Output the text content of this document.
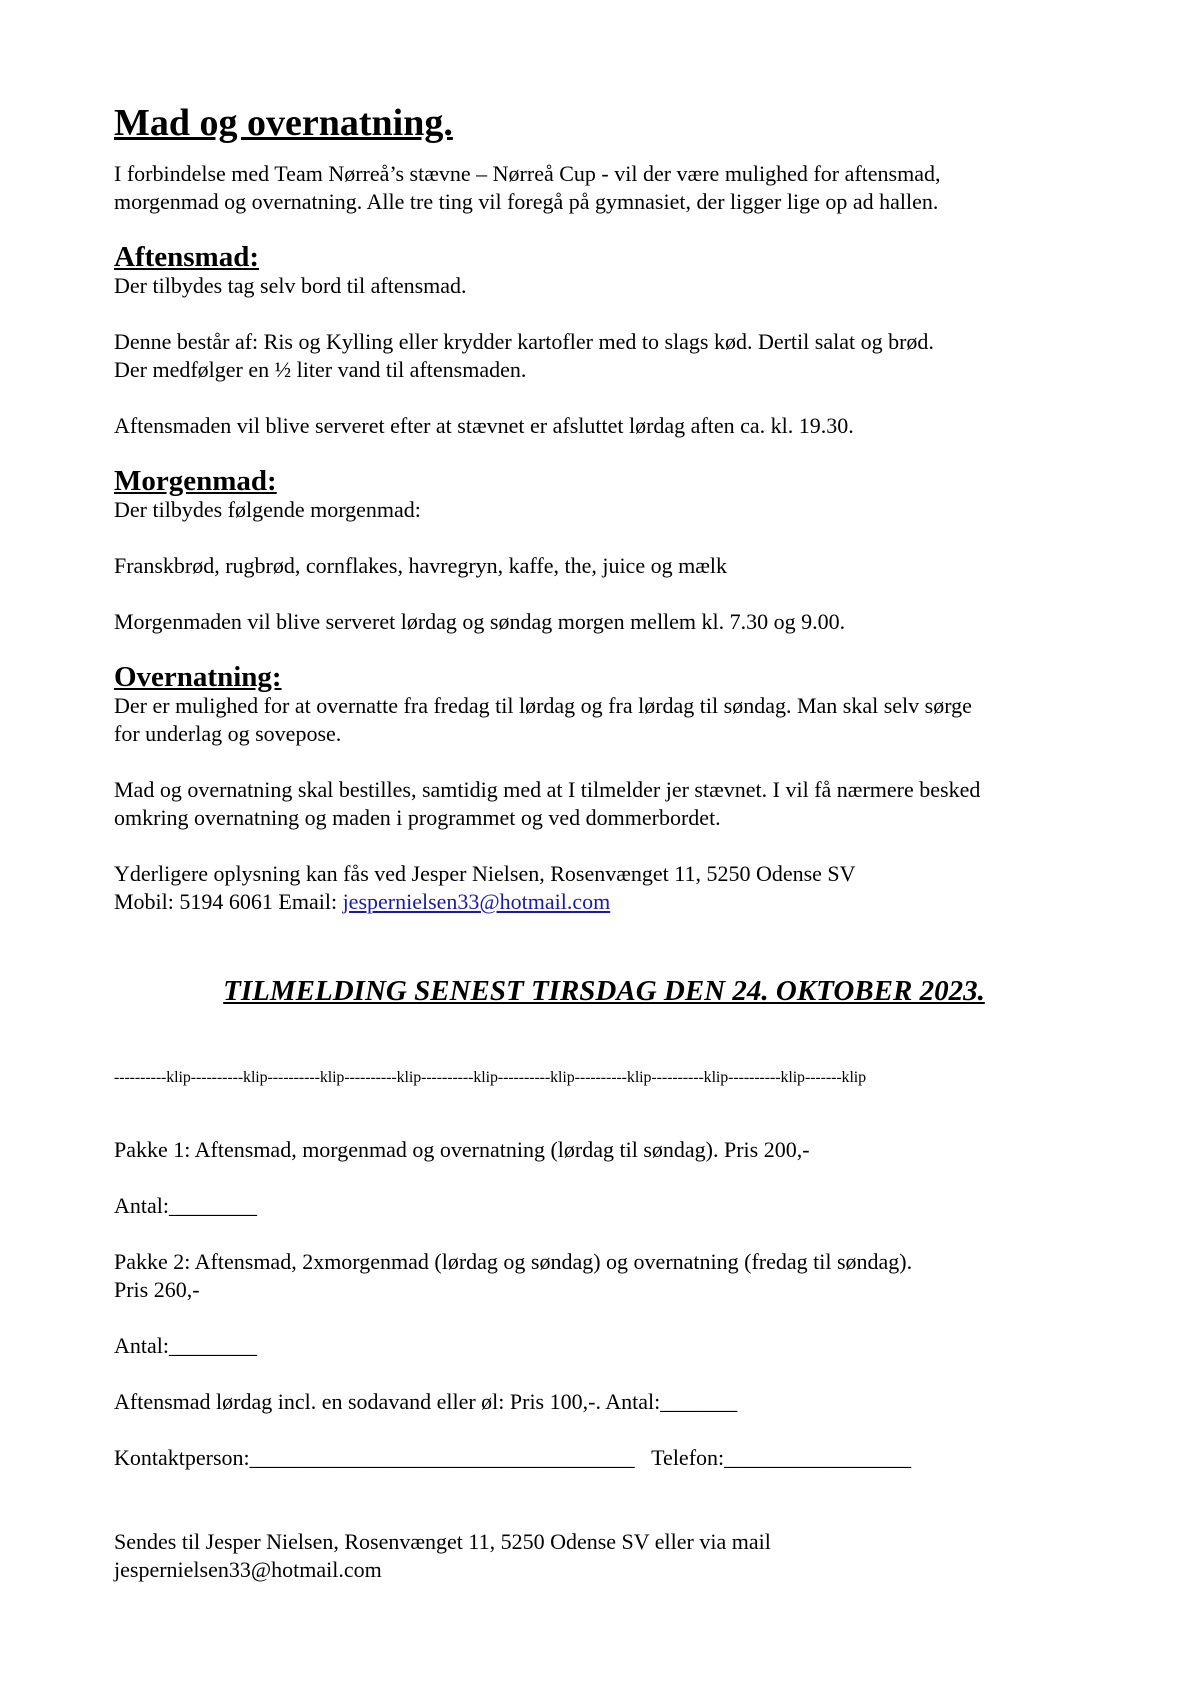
Mad og overnatning.

I forbindelse med Team Nørreå’s stævne – Nørreå Cup - vil der være mulighed for aftensmad,

morgenmad og overnatning. Alle tre ting vil foregå på gymnasiet, der ligger lige op ad hallen.

Aftensmad:

Der tilbydes tag selv bord til aftensmad.

Denne består af: Ris og Kylling eller krydder kartofler med to slags kød. Dertil salat og brød.

Der medfølger en ½ liter vand til aftensmaden.

Aftensmaden vil blive serveret efter at stævnet er afsluttet lørdag aften ca. kl. 19.30.

Morgenmad:

Der tilbydes følgende morgenmad:

Franskbrød, rugbrød, cornflakes, havregryn, kaffe, the, juice og mælk

Morgenmaden vil blive serveret lørdag og søndag morgen mellem kl. 7.30 og 9.00.

Overnatning:

Der er mulighed for at overnatte fra fredag til lørdag og fra lørdag til søndag. Man skal selv sørge

for underlag og sovepose.

Mad og overnatning skal bestilles, samtidig med at I tilmelder jer stævnet. I vil få nærmere besked

omkring overnatning og maden i programmet og ved dommerbordet.

Yderligere oplysning kan fås ved Jesper Nielsen, Rosenvænget 11, 5250 Odense SV

Mobil: 5194 6061 Email: jespernielsen33@hotmail.com

TILMELDING SENEST TIRSDAG DEN 24. OKTOBER 2023.

----------klip----------klip----------klip----------klip----------klip----------klip----------klip----------klip----------klip-------klip

Pakke 1: Aftensmad, morgenmad og overnatning (lørdag til søndag). Pris 200,-

Antal:________

Pakke 2: Aftensmad, 2xmorgenmad (lørdag og søndag) og overnatning (fredag til søndag).

Pris 260,-

Antal:________

Aftensmad lørdag incl. en sodavand eller øl: Pris 100,-. Antal:_______

Kontaktperson:___________________________________ Telefon:_________________

Sendes til Jesper Nielsen, Rosenvænget 11, 5250 Odense SV eller via mail

jespernielsen33@hotmail.com
